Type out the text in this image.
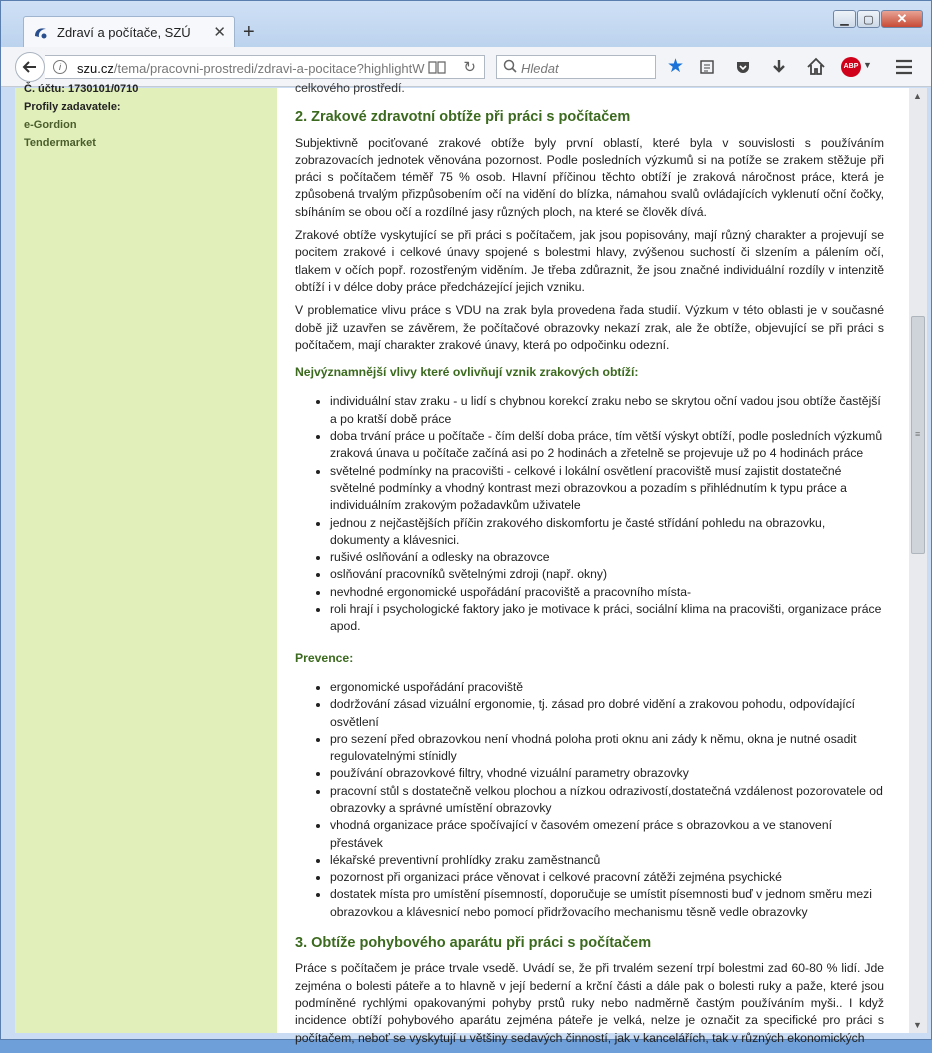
Zdraví a počítače, SZÚ ✕ +
▁	▢	✕
i	szu.cz/tema/pracovni-prostredi/zdravi-a-pocitace?highlightW	↻	Hledat	★	ABP ▼
Č. účtu: 1730101/0710
Profily zadavatele:
e-Gordion
Tendermarket

celkového prostředí.

2. Zrakové zdravotní obtíže při práci s počítačem

Subjektivně pociťované zrakové obtíže byly první oblastí, které byla v souvislosti s používáním zobrazovacích jednotek věnována pozornost. Podle posledních výzkumů si na potíže se zrakem stěžuje při práci s počítačem téměř 75 % osob. Hlavní příčinou těchto obtíží je zraková náročnost práce, která je způsobená trvalým přizpůsobením očí na vidění do blízka, námahou svalů ovládajících vyklenutí oční čočky, sbíháním se obou očí a rozdílné jasy různých ploch, na které se člověk dívá.

Zrakové obtíže vyskytující se při práci s počítačem, jak jsou popisovány, mají různý charakter a projevují se pocitem zrakové i celkové únavy spojené s bolestmi hlavy, zvýšenou suchostí či slzením a pálením očí, tlakem v očích popř. rozostřeným viděním. Je třeba zdůraznit, že jsou značné individuální rozdíly v intenzitě obtíží i v délce doby práce předcházející jejich vzniku.

V problematice vlivu práce s VDU na zrak byla provedena řada studií. Výzkum v této oblasti je v současné době již uzavřen se závěrem, že počítačové obrazovky nekazí zrak, ale že obtíže, objevující se při práci s počítačem, mají charakter zrakové únavy, která po odpočinku odezní.

Nejvýznamnější vlivy které ovlivňují vznik zrakových obtíží:
• individuální stav zraku - u lidí s chybnou korekcí zraku nebo se skrytou oční vadou jsou obtíže častější a po kratší době práce
• doba trvání práce u počítače - čím delší doba práce, tím větší výskyt obtíží, podle posledních výzkumů zraková únava u počítače začíná asi po 2 hodinách a zřetelně se projevuje už po 4 hodinách práce
• světelné podmínky na pracovišti - celkové i lokální osvětlení pracoviště musí zajistit dostatečné světelné podmínky a vhodný kontrast mezi obrazovkou a pozadím s přihlédnutím k typu práce a individuálním zrakovým požadavkům uživatele
• jednou z nejčastějších příčin zrakového diskomfortu je časté střídání pohledu na obrazovku, dokumenty a klávesnici.
• rušivé oslňování a odlesky na obrazovce
• oslňování pracovníků světelnými zdroji (např. okny)
• nevhodné ergonomické uspořádání pracoviště a pracovního místa-
• roli hrají i psychologické faktory jako je motivace k práci, sociální klima na pracovišti, organizace práce apod.
Prevence:
• ergonomické uspořádání pracoviště
• dodržování zásad vizuální ergonomie, tj. zásad pro dobré vidění a zrakovou pohodu, odpovídající osvětlení
• pro sezení před obrazovkou není vhodná poloha proti oknu ani zády k němu, okna je nutné osadit regulovatelnými stínidly
• používání obrazovkové filtry, vhodné vizuální parametry obrazovky
• pracovní stůl s dostatečně velkou plochou a nízkou odrazivostí,dostatečná vzdálenost pozorovatele od obrazovky a správné umístění obrazovky
• vhodná organizace práce spočívající v časovém omezení práce s obrazovkou a ve stanovení přestávek
• lékařské preventivní prohlídky zraku zaměstnanců
• pozornost při organizaci práce věnovat i celkové pracovní zátěži zejména psychické
• dostatek místa pro umístění písemností, doporučuje se umístit písemnosti buď v jednom směru mezi obrazovkou a klávesnicí nebo pomocí přidržovacího mechanismu těsně vedle obrazovky
3. Obtíže pohybového aparátu při práci s počítačem

Práce s počítačem je práce trvale vsedě. Uvádí se, že při trvalém sezení trpí bolestmi zad 60-80 % lidí. Jde zejména o bolesti páteře a to hlavně v její bederní a krční části a dále pak o bolesti ruky a paže, které jsou podmíněné rychlými opakovanými pohyby prstů ruky nebo nadměrně častým používáním myši.. I když incidence obtíží pohybového aparátu zejména páteře je velká, nelze je označit za specifické pro práci s počítačem, neboť se vyskytují u většiny sedavých činností, jak v kancelářích, tak v různých ekonomických

▲
≡
▼
